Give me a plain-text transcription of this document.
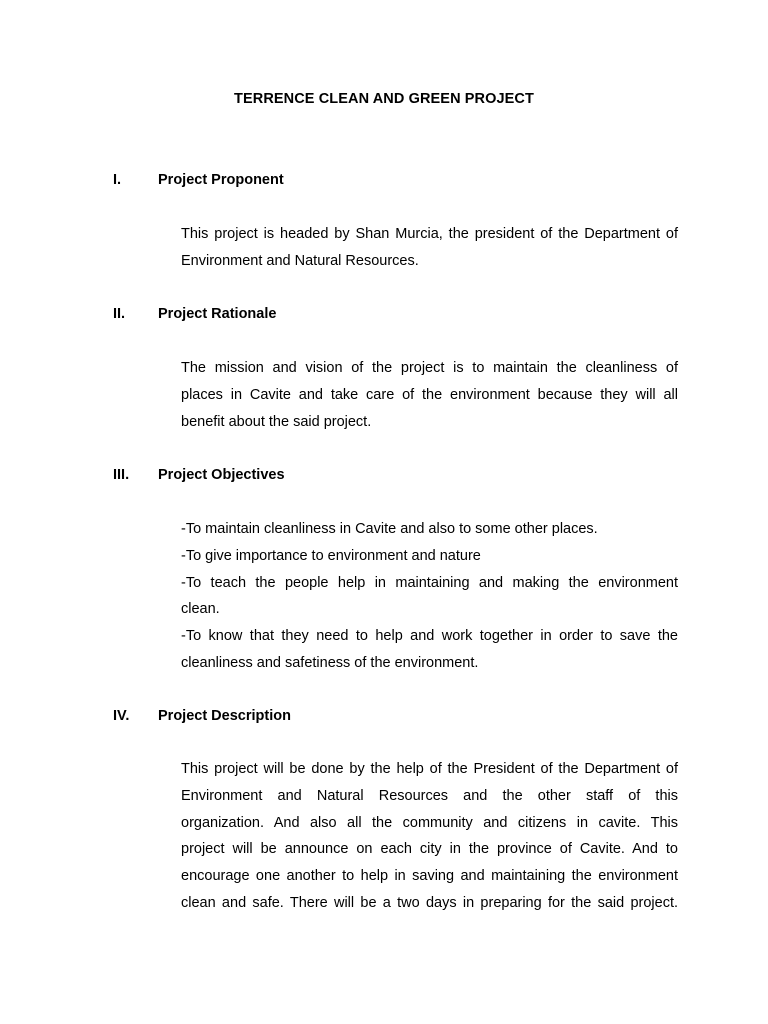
TERRENCE CLEAN AND GREEN PROJECT
I.	Project Proponent
This project is headed by Shan Murcia, the president of the Department of
Environment and Natural Resources.
II. Project Rationale
The mission and vision of the project is to maintain the cleanliness of
places in Cavite and take care of the environment because they will all
benefit about the said project.
III. Project Objectives
-To maintain cleanliness in Cavite and also to some other places.
-To give importance to environment and nature
-To teach the people help in maintaining and making the environment
clean.
-To know that they need to help and work together in order to save the
cleanliness and safetiness of the environment.
IV. Project Description
This project will be done by the help of the President of the Department of
Environment and Natural Resources and the other staff of this
organization. And also all the community and citizens in cavite. This
project will be announce on each city in the province of Cavite. And to
encourage one another to help in saving and maintaining the environment
clean and safe. There will be a two days in preparing for the said project.
